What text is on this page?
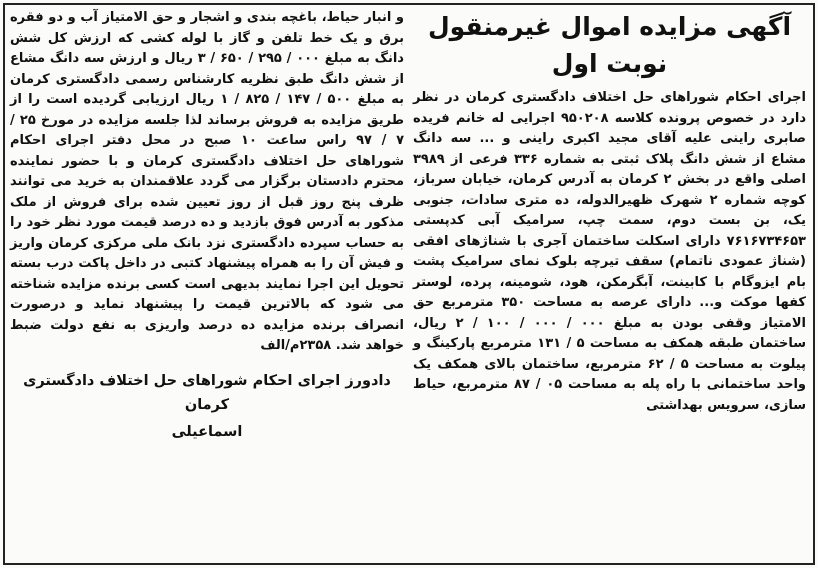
آگهی مزایده اموال غیرمنقول
نوبت اول

اجرای احکام شوراهای حل اختلاف دادگستری کرمان در نظر دارد در خصوص پرونده کلاسه ۹۵۰۲۰۸ اجرایی له خانم فریده صابری راینی علیه آقای مجید اکبری راینی و ... سه دانگ مشاع از شش دانگ پلاک ثبتی به شماره ۳۳۶ فرعی از ۳۹۸۹ اصلی واقع در بخش ۲ کرمان به آدرس کرمان، خیابان سرباز، کوچه شماره ۲ شهرک ظهیرالدوله، ده متری سادات، جنوبی یک، بن بست دوم، سمت چپ، سرامیک آبی کدپستی ۷۶۱۶۷۳۴۶۵۳ دارای اسکلت ساختمان آجری با شناژهای افقی (شناژ عمودی ناتمام) سقف تیرچه بلوک نمای سرامیک پشت بام ایزوگام با کابینت، آبگرمکن، هود، شومینه، پرده، لوستر کفها موکت و... دارای عرصه به مساحت ۳۵۰ مترمربع حق الامتیاز وقفی بودن به مبلغ ۰۰۰ / ۰۰۰ / ۱۰۰ / ۲ ریال، ساختمان طبقه همکف به مساحت ۵ / ۱۳۱ مترمربع پارکینگ و پیلوت به مساحت ۵ / ۶۲ مترمربع، ساختمان بالای همکف یک واحد ساختمانی با راه پله به مساحت ۰۵ / ۸۷ مترمربع، حیاط سازی، سرویس بهداشتی

و انبار حیاط، باغچه بندی و اشجار و حق الامتیاز آب و دو فقره برق و یک خط تلفن و گاز با لوله کشی که ارزش کل شش دانگ به مبلغ ۰۰۰ / ۲۹۵ / ۶۵۰ / ۳ ریال و ارزش سه دانگ مشاع از شش دانگ طبق نظریه کارشناس رسمی دادگستری کرمان به مبلغ ۵۰۰ / ۱۴۷ / ۸۲۵ / ۱ ریال ارزیابی گردیده است را از طریق مزایده به فروش برساند لذا جلسه مزایده در مورخ ۲۵ / ۷ / ۹۷ راس ساعت ۱۰ صبح در محل دفتر اجرای احکام شوراهای حل اختلاف دادگستری کرمان و با حضور نماینده محترم دادستان برگزار می گردد علاقمندان به خرید می توانند ظرف پنج روز قبل از روز تعیین شده برای فروش از ملک مذکور به آدرس فوق بازدید و ده درصد قیمت مورد نظر خود را به حساب سپرده دادگستری نزد بانک ملی مرکزی کرمان واریز و فیش آن را به همراه پیشنهاد کتبی در داخل پاکت درب بسته تحویل این اجرا نمایند بدیهی است کسی برنده مزایده شناخته می شود که بالاترین قیمت را پیشنهاد نماید و درصورت انصراف برنده مزایده ده درصد واریزی به نفع دولت ضبط خواهد شد. ۲۳۵۸م/الف

دادورز اجرای احکام شوراهای حل اختلاف دادگستری کرمان
اسماعیلی
